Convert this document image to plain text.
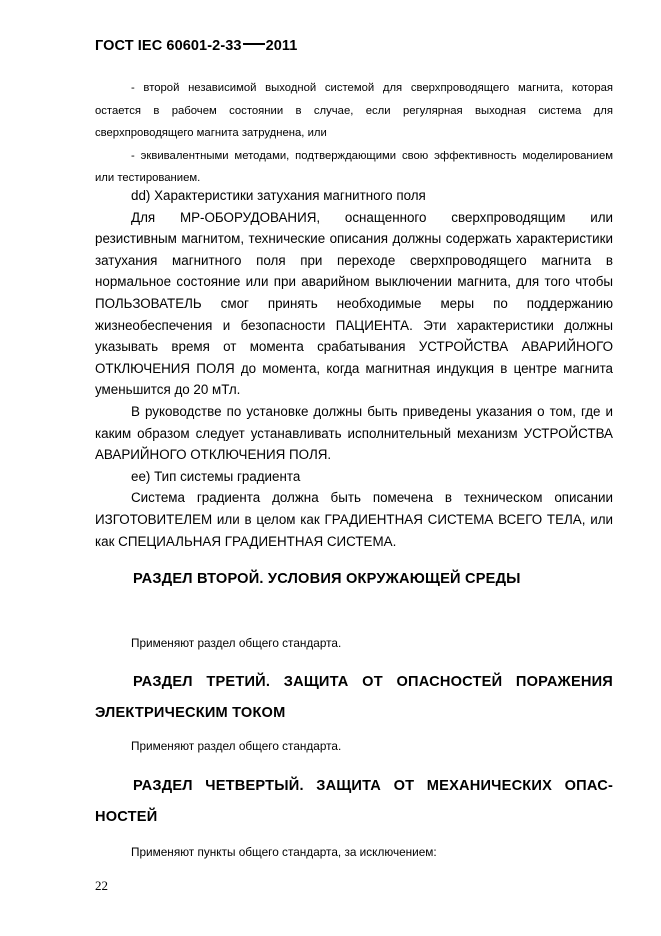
ГОСТ IEC 60601-2-33 2011

- второй независимой выходной системой для сверхпроводящего магнита, которая остается в рабочем состоянии в случае, если регулярная выходная система для сверхпроводящего магнита затруднена, или

- эквивалентными методами, подтверждающими свою эффективность моделированием или тестированием.

dd) Характеристики затухания магнитного поля

Для МР-ОБОРУДОВАНИЯ, оснащенного сверхпроводящим или резистивным магнитом, технические описания должны содержать характеристики затухания магнитного поля при переходе сверхпроводящего магнита в нормальное состояние или при аварийном выключении магнита, для того чтобы ПОЛЬЗОВАТЕЛЬ смог принять необходимые меры по поддержанию жизнеобеспечения и безопасности ПАЦИЕНТА. Эти характеристики должны указывать время от момента срабатывания УСТРОЙСТВА АВАРИЙНОГО ОТКЛЮЧЕНИЯ ПОЛЯ до момента, когда магнитная индукция в центре магнита уменьшится до 20 мТл.

В руководстве по установке должны быть приведены указания о том, где и каким образом следует устанавливать исполнительный механизм УСТРОЙСТВА АВАРИЙНОГО ОТКЛЮЧЕНИЯ ПОЛЯ.

ee) Тип системы градиента

Система градиента должна быть помечена в техническом описании ИЗГОТОВИТЕЛЕМ или в целом как ГРАДИЕНТНАЯ СИСТЕМА ВСЕГО ТЕЛА, или как СПЕЦИАЛЬНАЯ ГРАДИЕНТНАЯ СИСТЕМА.

РАЗДЕЛ ВТОРОЙ. УСЛОВИЯ ОКРУЖАЮЩЕЙ СРЕДЫ
Применяют раздел общего стандарта.
РАЗДЕЛ ТРЕТИЙ. ЗАЩИТА ОТ ОПАСНОСТЕЙ ПОРАЖЕНИЯ
ЭЛЕКТРИЧЕСКИМ ТОКОМ
Применяют раздел общего стандарта.
РАЗДЕЛ ЧЕТВЕРТЫЙ. ЗАЩИТА ОТ МЕХАНИЧЕСКИХ ОПАС-
НОСТЕЙ
Применяют пункты общего стандарта, за исключением:
22
